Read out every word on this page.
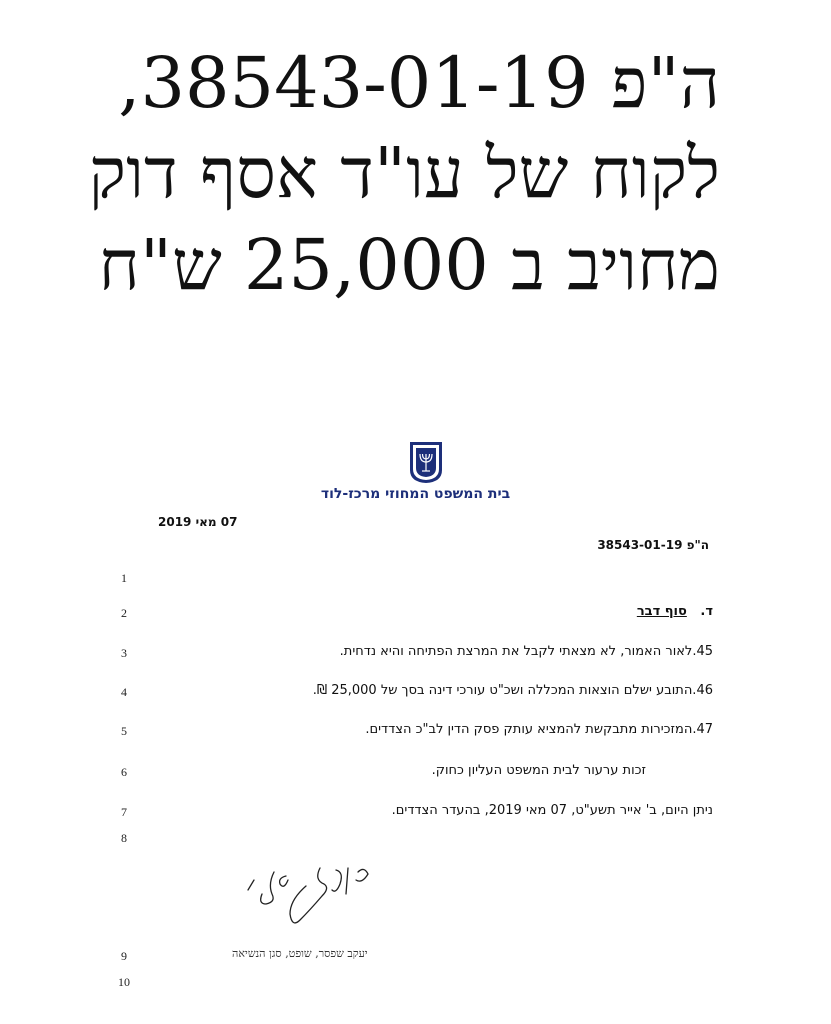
ה"פ 38543-01-19,
לקוח של עו"ד אסף דוק
מחויב ב 25,000 ש"ח
בית המשפט המחוזי מרכז-לוד
07 מאי 2019
ה"פ 38543-01-19
1
2
3
4
5
6
7
8
9
10
ד.   סוף דבר
45.לאור האמור, לא מצאתי לקבל את המרצת הפתיחה והיא נדחית.
46.התובע ישלם הוצאות המכללה ושכ"ט עורכי דינה בסך של 25,000 ₪.
47.המזכירות מתבקשת להמציא עותק פסק הדין לב"כ הצדדים.
זכות ערעור לבית המשפט העליון כחוק.
ניתן היום, ב' אייר תשע"ט, 07 מאי 2019, בהעדר הצדדים.
יעקב שפסר, שופט, סגן הנשיאה
